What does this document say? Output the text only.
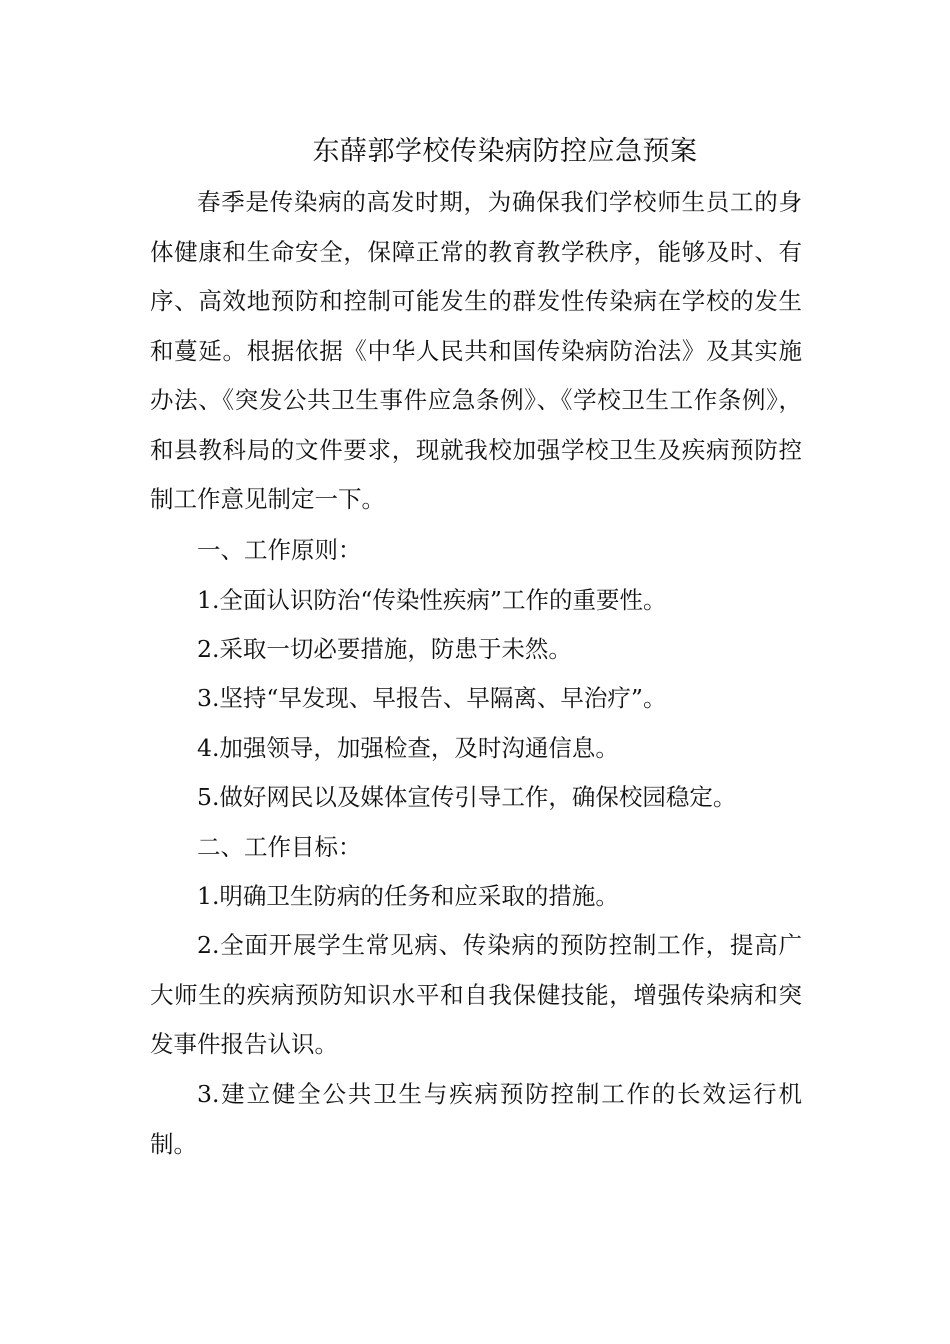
东薛郭学校传染病防控应急预案

春季是传染病的高发时期，为确保我们学校师生员工的身体健康和生命安全，保障正常的教育教学秩序，能够及时、有序、高效地预防和控制可能发生的群发性传染病在学校的发生和蔓延。根据依据《中华人民共和国传染病防治法》及其实施办法、《突发公共卫生事件应急条例》、《学校卫生工作条例》，和县教科局的文件要求，现就我校加强学校卫生及疾病预防控制工作意见制定一下。

一、工作原则：

1.全面认识防治“传染性疾病”工作的重要性。

2.采取一切必要措施，防患于未然。

3.坚持“早发现、早报告、早隔离、早治疗”。

4.加强领导，加强检查，及时沟通信息。

5.做好网民以及媒体宣传引导工作，确保校园稳定。

二、工作目标：

1.明确卫生防病的任务和应采取的措施。

2.全面开展学生常见病、传染病的预防控制工作，提高广大师生的疾病预防知识水平和自我保健技能，增强传染病和突发事件报告认识。

3.建立健全公共卫生与疾病预防控制工作的长效运行机制。
